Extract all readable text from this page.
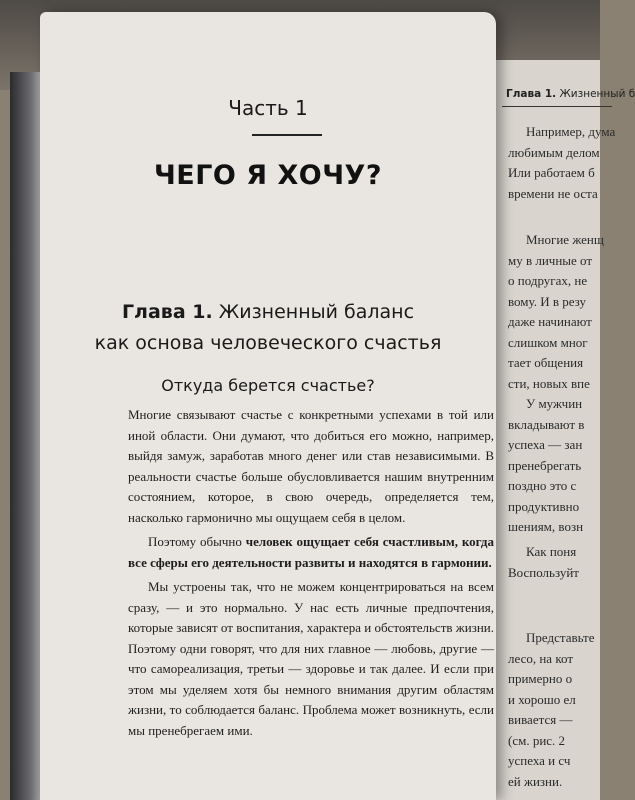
Глава 1. Жизненный б
Например, дума
любимым делом
Или работаем б
времени не оста
Многие женщ
му в личные от
о подругах, не
вому. И в резу
даже начинают
слишком мног
тает общения
сти, новых впе
У мужчин
вкладывают в
успеха — зан
пренебрегать
поздно это с
продуктивно
шениям, возн
Как поня
Воспользуйт
Представьте
лесо, на кот
примерно о
и хорошо ел
вивается —
(см. рис. 2
успеха и сч
ей жизни.
Часть 1
ЧЕГО Я ХОЧУ?
Глава 1. Жизненный баланс
как основа человеческого счастья
Откуда берется счастье?

Многие связывают счастье с конкретными успехами в той или иной области. Они думают, что добиться его можно, например, выйдя замуж, заработав много денег или став независимыми. В реальности счастье больше обусловливается нашим внутренним состоянием, которое, в свою очередь, определяется тем, насколько гармонично мы ощущаем себя в целом.

Поэтому обычно человек ощущает себя счастливым, когда все сферы его деятельности развиты и находятся в гармонии.

Мы устроены так, что не можем концентрироваться на всем сразу, — и это нормально. У нас есть личные предпочтения, которые зависят от воспитания, характера и обстоятельств жизни. Поэтому одни говорят, что для них главное — любовь, другие — что самореализация, третьи — здоровье и так далее. И если при этом мы уделяем хотя бы немного внимания другим областям жизни, то соблюдается баланс. Проблема может возникнуть, если мы пренебрегаем ими.
